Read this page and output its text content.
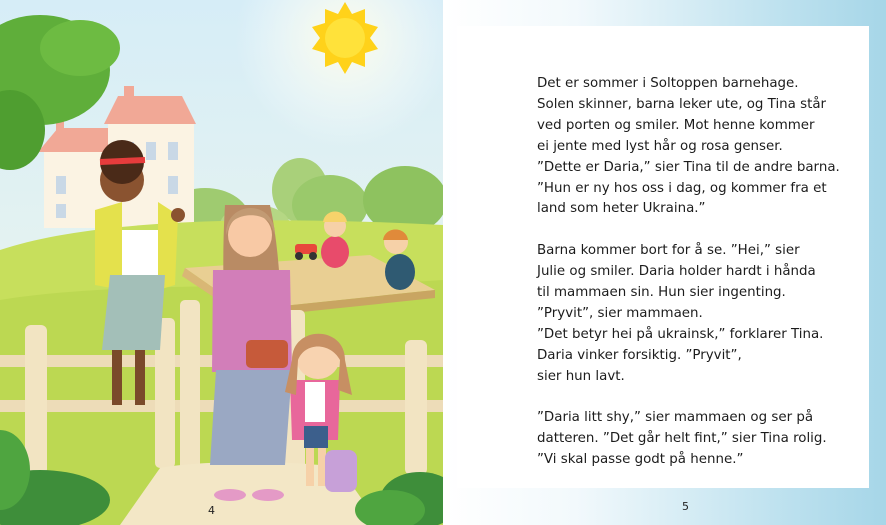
4

Det er sommer i Soltoppen barnehage.
Solen skinner, barna leker ute, og Tina står
ved porten og smiler. Mot henne kommer
ei jente med lyst hår og rosa genser.
”Dette er Daria,” sier Tina til de andre barna.
”Hun er ny hos oss i dag, og kommer fra et
land som heter Ukraina.”

Barna kommer bort for å se. ”Hei,” sier
Julie og smiler. Daria holder hardt i hånda
til mammaen sin. Hun sier ingenting.
”Pryvit”, sier mammaen.
”Det betyr hei på ukrainsk,” forklarer Tina.
Daria vinker forsiktig. ”Pryvit”,
sier hun lavt.

”Daria litt shy,” sier mammaen og ser på
datteren. ”Det går helt fint,” sier Tina rolig.
”Vi skal passe godt på henne.”

5
